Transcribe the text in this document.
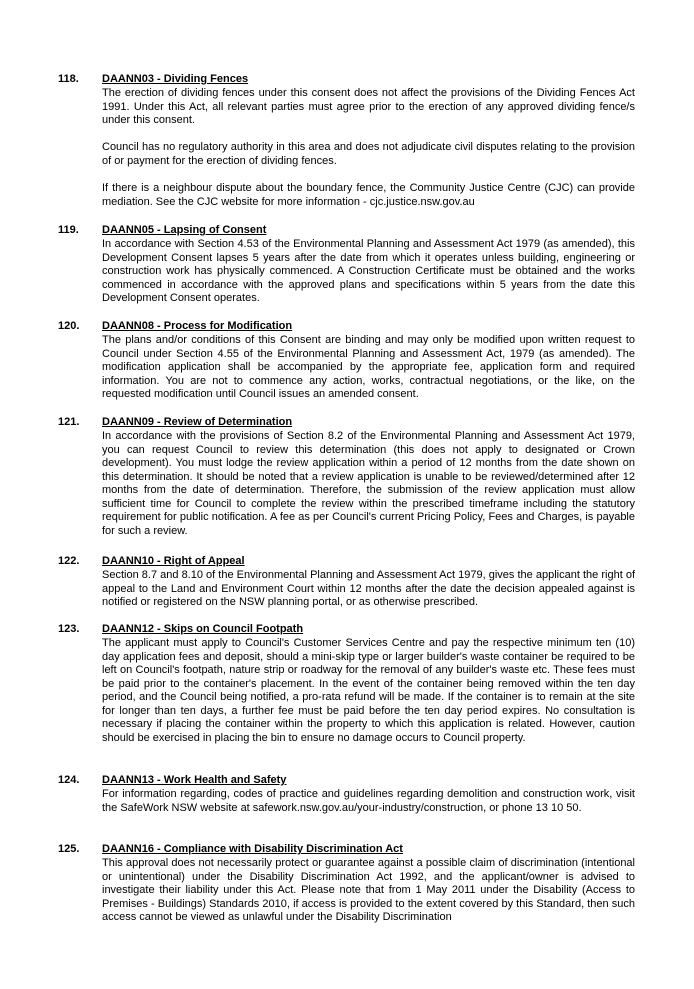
118. DAANN03 - Dividing Fences

The erection of dividing fences under this consent does not affect the provisions of the Dividing Fences Act 1991. Under this Act, all relevant parties must agree prior to the erection of any approved dividing fence/s under this consent.

Council has no regulatory authority in this area and does not adjudicate civil disputes relating to the provision of or payment for the erection of dividing fences.

If there is a neighbour dispute about the boundary fence, the Community Justice Centre (CJC) can provide mediation. See the CJC website for more information - cjc.justice.nsw.gov.au

119. DAANN05 - Lapsing of Consent

In accordance with Section 4.53 of the Environmental Planning and Assessment Act 1979 (as amended), this Development Consent lapses 5 years after the date from which it operates unless building, engineering or construction work has physically commenced. A Construction Certificate must be obtained and the works commenced in accordance with the approved plans and specifications within 5 years from the date this Development Consent operates.

120. DAANN08 - Process for Modification

The plans and/or conditions of this Consent are binding and may only be modified upon written request to Council under Section 4.55 of the Environmental Planning and Assessment Act, 1979 (as amended). The modification application shall be accompanied by the appropriate fee, application form and required information. You are not to commence any action, works, contractual negotiations, or the like, on the requested modification until Council issues an amended consent.

121. DAANN09 - Review of Determination

In accordance with the provisions of Section 8.2 of the Environmental Planning and Assessment Act 1979, you can request Council to review this determination (this does not apply to designated or Crown development). You must lodge the review application within a period of 12 months from the date shown on this determination. It should be noted that a review application is unable to be reviewed/determined after 12 months from the date of determination. Therefore, the submission of the review application must allow sufficient time for Council to complete the review within the prescribed timeframe including the statutory requirement for public notification. A fee as per Council's current Pricing Policy, Fees and Charges, is payable for such a review.

122. DAANN10 - Right of Appeal

Section 8.7 and 8.10 of the Environmental Planning and Assessment Act 1979, gives the applicant the right of appeal to the Land and Environment Court within 12 months after the date the decision appealed against is notified or registered on the NSW planning portal, or as otherwise prescribed.

123. DAANN12 - Skips on Council Footpath

The applicant must apply to Council's Customer Services Centre and pay the respective minimum ten (10) day application fees and deposit, should a mini-skip type or larger builder's waste container be required to be left on Council's footpath, nature strip or roadway for the removal of any builder's waste etc. These fees must be paid prior to the container's placement. In the event of the container being removed within the ten day period, and the Council being notified, a pro-rata refund will be made. If the container is to remain at the site for longer than ten days, a further fee must be paid before the ten day period expires. No consultation is necessary if placing the container within the property to which this application is related. However, caution should be exercised in placing the bin to ensure no damage occurs to Council property.

124. DAANN13 - Work Health and Safety

For information regarding, codes of practice and guidelines regarding demolition and construction work, visit the SafeWork NSW website at safework.nsw.gov.au/your-industry/construction, or phone 13 10 50.

125. DAANN16 - Compliance with Disability Discrimination Act

This approval does not necessarily protect or guarantee against a possible claim of discrimination (intentional or unintentional) under the Disability Discrimination Act 1992, and the applicant/owner is advised to investigate their liability under this Act. Please note that from 1 May 2011 under the Disability (Access to Premises - Buildings) Standards 2010, if access is provided to the extent covered by this Standard, then such access cannot be viewed as unlawful under the Disability Discrimination
